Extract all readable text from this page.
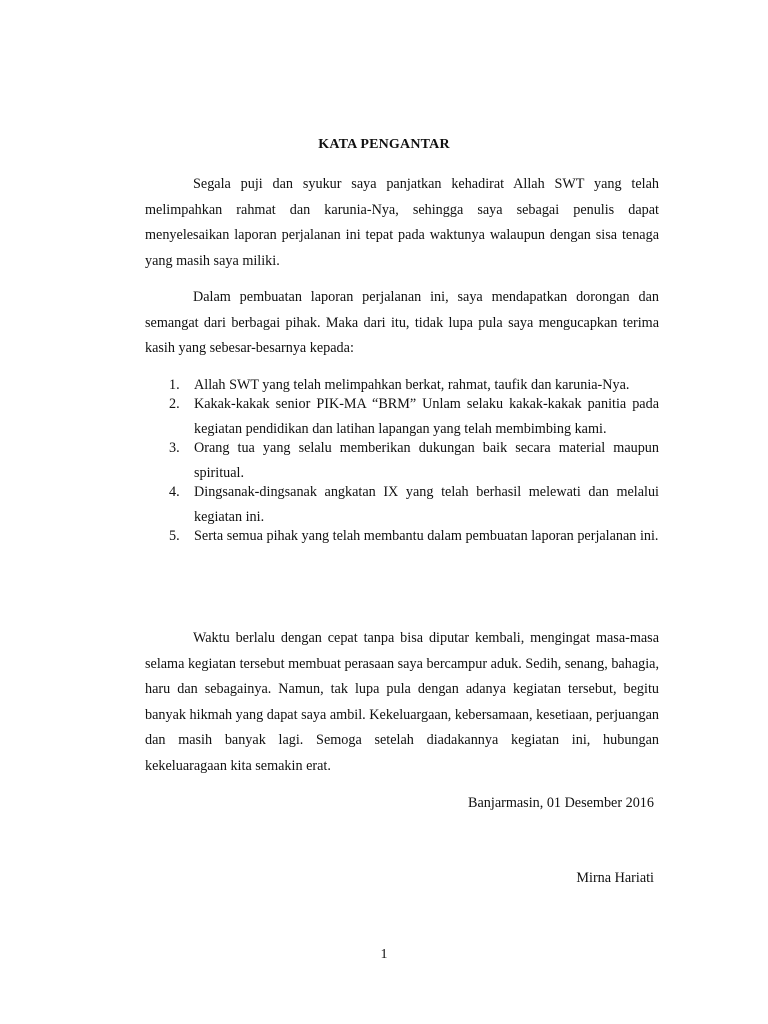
KATA PENGANTAR

Segala puji dan syukur saya panjatkan kehadirat Allah SWT yang telah melimpahkan rahmat dan karunia-Nya, sehingga saya sebagai penulis dapat menyelesaikan laporan perjalanan ini tepat pada waktunya walaupun dengan sisa tenaga yang masih saya miliki.

Dalam pembuatan laporan perjalanan ini, saya mendapatkan dorongan dan semangat dari berbagai pihak. Maka dari itu, tidak lupa pula saya mengucapkan terima kasih yang sebesar-besarnya kepada:

1. Allah SWT yang telah melimpahkan berkat, rahmat, taufik dan karunia-Nya.
2. Kakak-kakak senior PIK-MA “BRM” Unlam selaku kakak-kakak panitia pada kegiatan pendidikan dan latihan lapangan yang telah membimbing kami.
3. Orang tua yang selalu memberikan dukungan baik secara material maupun spiritual.
4. Dingsanak-dingsanak angkatan IX yang telah berhasil melewati dan melalui kegiatan ini.
5. Serta semua pihak yang telah membantu dalam pembuatan laporan perjalanan ini.

Waktu berlalu dengan cepat tanpa bisa diputar kembali, mengingat masa-masa selama kegiatan tersebut membuat perasaan saya bercampur aduk. Sedih, senang, bahagia, haru dan sebagainya. Namun, tak lupa pula dengan adanya kegiatan tersebut, begitu banyak hikmah yang dapat saya ambil. Kekeluargaan, kebersamaan, kesetiaan, perjuangan dan masih banyak lagi. Semoga setelah diadakannya kegiatan ini, hubungan kekeluaragaan kita semakin erat.

Banjarmasin, 01 Desember 2016
Mirna Hariati
1
